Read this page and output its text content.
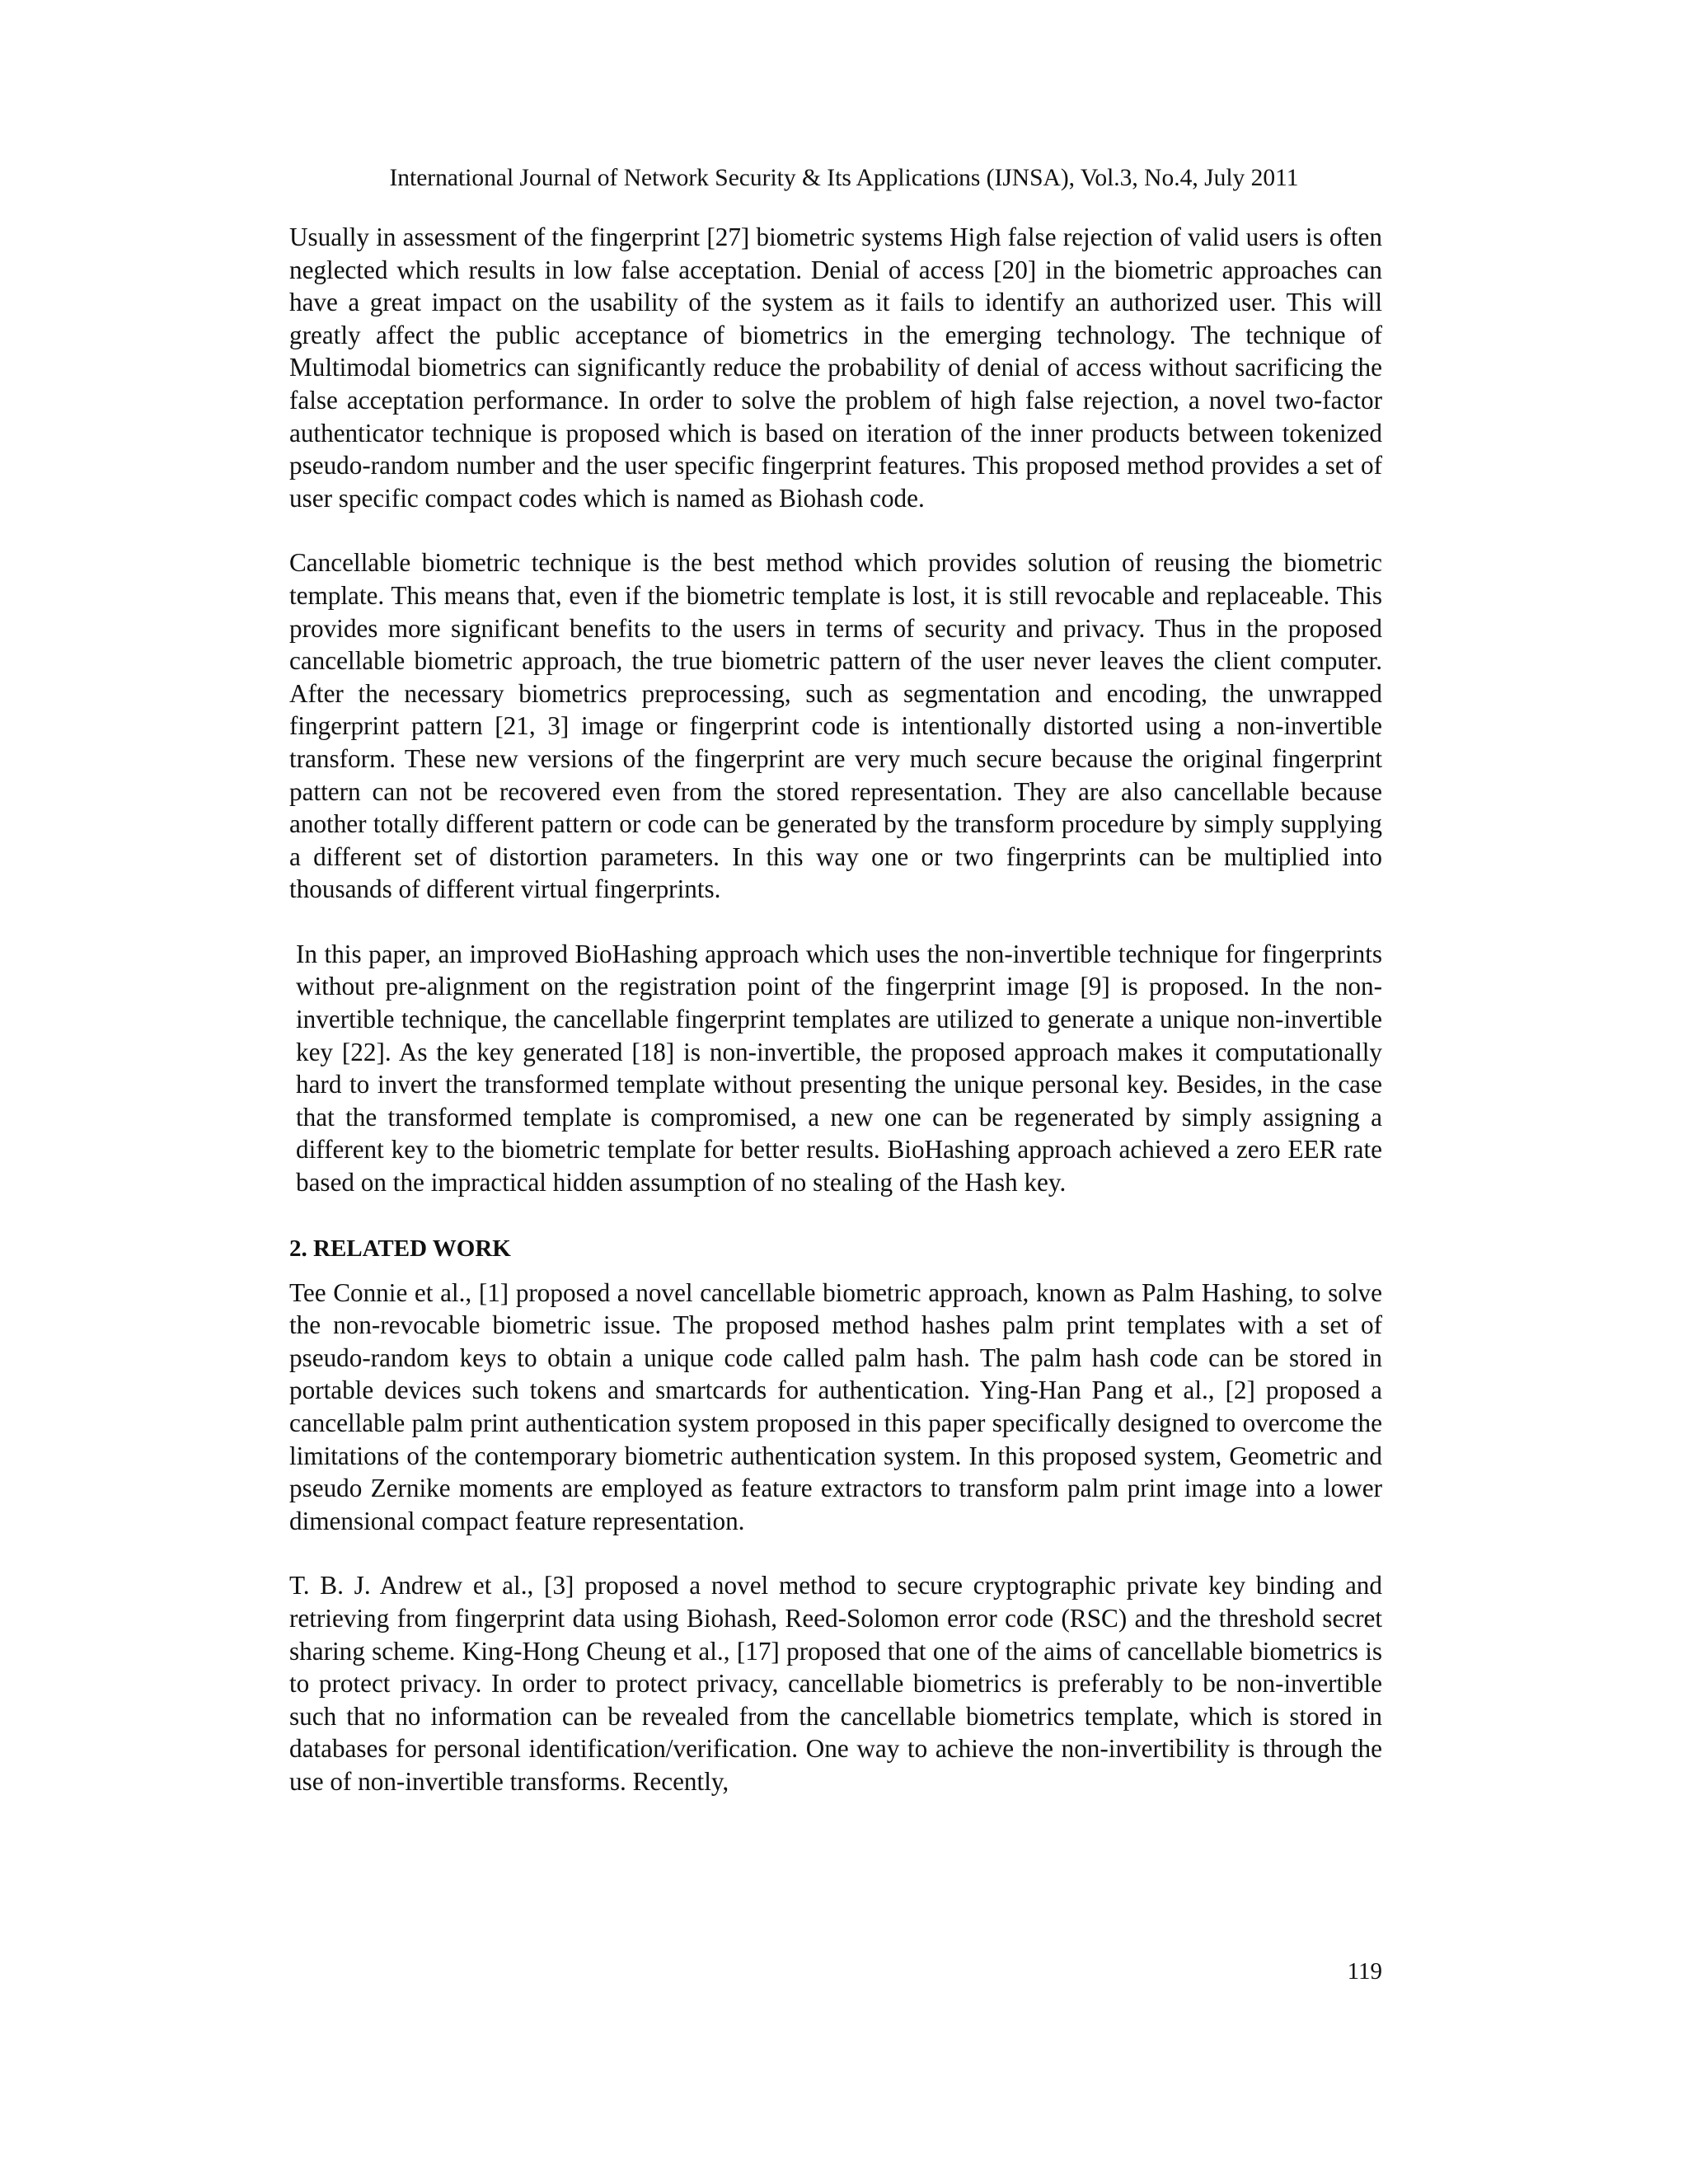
International Journal of Network Security & Its Applications (IJNSA), Vol.3, No.4, July 2011

Usually in assessment of the fingerprint [27] biometric systems High false rejection of valid users is often neglected which results in low false acceptation. Denial of access [20] in the biometric approaches can have a great impact on the usability of the system as it fails to identify an authorized user. This will greatly affect the public acceptance of biometrics in the emerging technology. The technique of Multimodal biometrics can significantly reduce the probability of denial of access without sacrificing the false acceptation performance. In order to solve the problem of high false rejection, a novel two-factor authenticator technique is proposed which is based on iteration of the inner products between tokenized pseudo-random number and the user specific fingerprint features. This proposed method provides a set of user specific compact codes which is named as Biohash code.

Cancellable biometric technique is the best method which provides solution of reusing the biometric template. This means that, even if the biometric template is lost, it is still revocable and replaceable. This provides more significant benefits to the users in terms of security and privacy. Thus in the proposed cancellable biometric approach, the true biometric pattern of the user never leaves the client computer. After the necessary biometrics preprocessing, such as segmentation and encoding, the unwrapped fingerprint pattern [21, 3] image or fingerprint code is intentionally distorted using a non-invertible transform. These new versions of the fingerprint are very much secure because the original fingerprint pattern can not be recovered even from the stored representation. They are also cancellable because another totally different pattern or code can be generated by the transform procedure by simply supplying a different set of distortion parameters. In this way one or two fingerprints can be multiplied into thousands of different virtual fingerprints.

In this paper, an improved BioHashing approach which uses the non-invertible technique for fingerprints without pre-alignment on the registration point of the fingerprint image [9] is proposed. In the non-invertible technique, the cancellable fingerprint templates are utilized to generate a unique non-invertible key [22]. As the key generated [18] is non-invertible, the proposed approach makes it computationally hard to invert the transformed template without presenting the unique personal key. Besides, in the case that the transformed template is compromised, a new one can be regenerated by simply assigning a different key to the biometric template for better results. BioHashing approach achieved a zero EER rate based on the impractical hidden assumption of no stealing of the Hash key.

2. RELATED WORK

Tee Connie et al., [1] proposed a novel cancellable biometric approach, known as Palm Hashing, to solve the non-revocable biometric issue. The proposed method hashes palm print templates with a set of pseudo-random keys to obtain a unique code called palm hash. The palm hash code can be stored in portable devices such tokens and smartcards for authentication. Ying-Han Pang et al., [2] proposed a cancellable palm print authentication system proposed in this paper specifically designed to overcome the limitations of the contemporary biometric authentication system. In this proposed system, Geometric and pseudo Zernike moments are employed as feature extractors to transform palm print image into a lower dimensional compact feature representation.

T. B. J. Andrew et al., [3] proposed a novel method to secure cryptographic private key binding and retrieving from fingerprint data using Biohash, Reed-Solomon error code (RSC) and the threshold secret sharing scheme. King-Hong Cheung et al., [17] proposed that one of the aims of cancellable biometrics is to protect privacy. In order to protect privacy, cancellable biometrics is preferably to be non-invertible such that no information can be revealed from the cancellable biometrics template, which is stored in databases for personal identification/verification. One way to achieve the non-invertibility is through the use of non-invertible transforms. Recently,

119
